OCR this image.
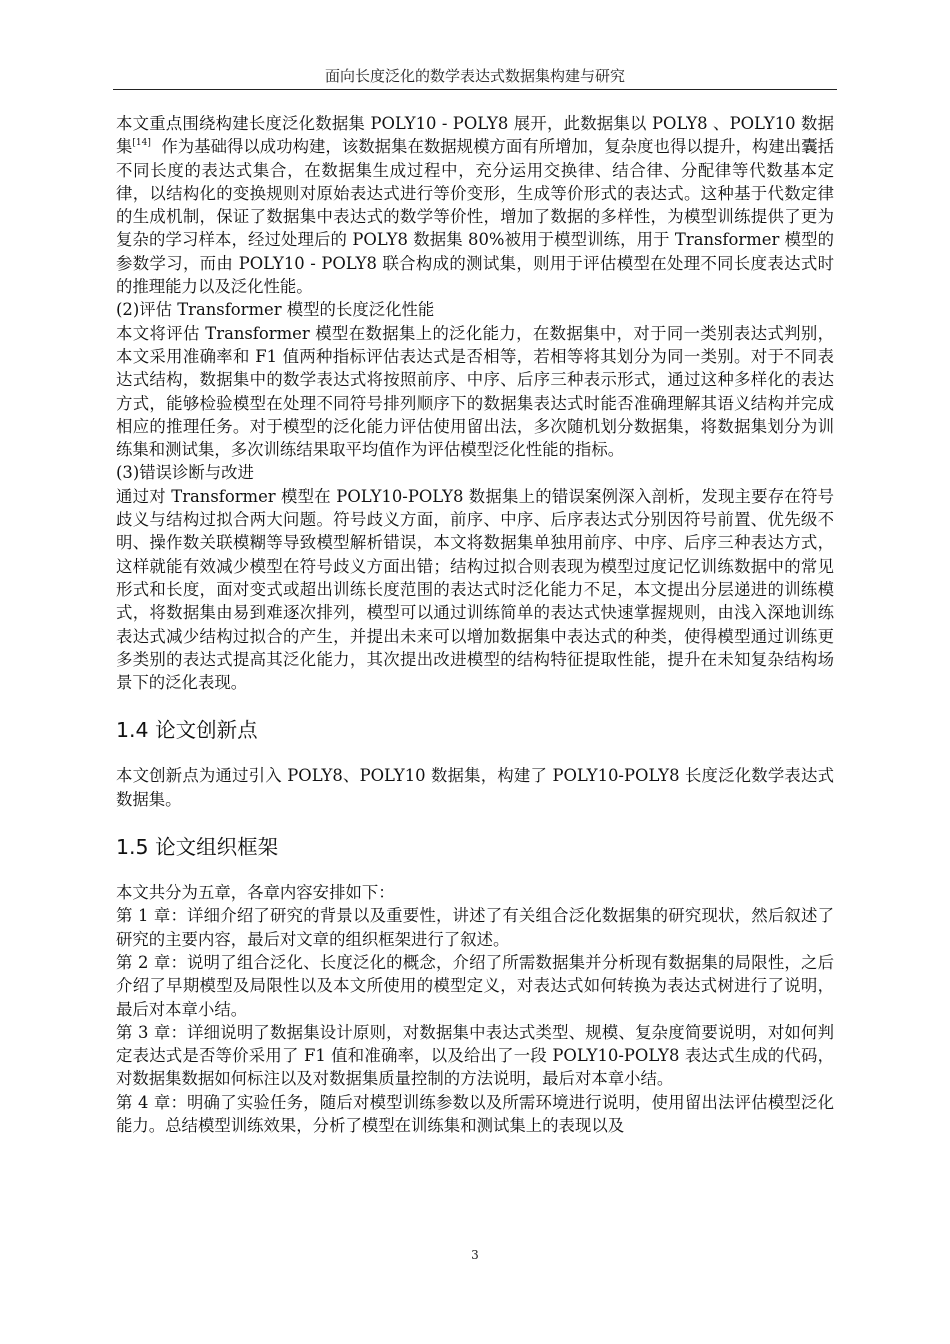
面向长度泛化的数学表达式数据集构建与研究

本文重点围绕构建长度泛化数据集 POLY10 - POLY8 展开，此数据集以 POLY8 、POLY10 数据集[14] 作为基础得以成功构建，该数据集在数据规模方面有所增加，复杂度也得以提升，构建出囊括不同长度的表达式集合，在数据集生成过程中，充分运用交换律、结合律、分配律等代数基本定律，以结构化的变换规则对原始表达式进行等价变形，生成等价形式的表达式。这种基于代数定律的生成机制，保证了数据集中表达式的数学等价性，增加了数据的多样性，为模型训练提供了更为复杂的学习样本，经过处理后的 POLY8 数据集 80%被用于模型训练，用于 Transformer 模型的参数学习，而由 POLY10 - POLY8 联合构成的测试集，则用于评估模型在处理不同长度表达式时的推理能力以及泛化性能。

(2)评估 Transformer 模型的长度泛化性能

本文将评估 Transformer 模型在数据集上的泛化能力，在数据集中，对于同一类别表达式判别，本文采用准确率和 F1 值两种指标评估表达式是否相等，若相等将其划分为同一类别。对于不同表达式结构，数据集中的数学表达式将按照前序、中序、后序三种表示形式，通过这种多样化的表达方式，能够检验模型在处理不同符号排列顺序下的数据集表达式时能否准确理解其语义结构并完成相应的推理任务。对于模型的泛化能力评估使用留出法，多次随机划分数据集，将数据集划分为训练集和测试集，多次训练结果取平均值作为评估模型泛化性能的指标。

(3)错误诊断与改进

通过对 Transformer 模型在 POLY10-POLY8 数据集上的错误案例深入剖析，发现主要存在符号歧义与结构过拟合两大问题。符号歧义方面，前序、中序、后序表达式分别因符号前置、优先级不明、操作数关联模糊等导致模型解析错误，本文将数据集单独用前序、中序、后序三种表达方式，这样就能有效减少模型在符号歧义方面出错；结构过拟合则表现为模型过度记忆训练数据中的常见形式和长度，面对变式或超出训练长度范围的表达式时泛化能力不足，本文提出分层递进的训练模式，将数据集由易到难逐次排列，模型可以通过训练简单的表达式快速掌握规则，由浅入深地训练表达式减少结构过拟合的产生，并提出未来可以增加数据集中表达式的种类，使得模型通过训练更多类别的表达式提高其泛化能力，其次提出改进模型的结构特征提取性能，提升在未知复杂结构场景下的泛化表现。

1.4 论文创新点

本文创新点为通过引入 POLY8、POLY10 数据集，构建了 POLY10-POLY8 长度泛化数学表达式数据集。

1.5 论文组织框架

本文共分为五章，各章内容安排如下：

第 1 章：详细介绍了研究的背景以及重要性，讲述了有关组合泛化数据集的研究现状，然后叙述了研究的主要内容，最后对文章的组织框架进行了叙述。

第 2 章：说明了组合泛化、长度泛化的概念，介绍了所需数据集并分析现有数据集的局限性，之后介绍了早期模型及局限性以及本文所使用的模型定义，对表达式如何转换为表达式树进行了说明，最后对本章小结。

第 3 章：详细说明了数据集设计原则，对数据集中表达式类型、规模、复杂度简要说明，对如何判定表达式是否等价采用了 F1 值和准确率，以及给出了一段 POLY10-POLY8 表达式生成的代码，对数据集数据如何标注以及对数据集质量控制的方法说明，最后对本章小结。

第 4 章：明确了实验任务，随后对模型训练参数以及所需环境进行说明，使用留出法评估模型泛化能力。总结模型训练效果，分析了模型在训练集和测试集上的表现以及

3
